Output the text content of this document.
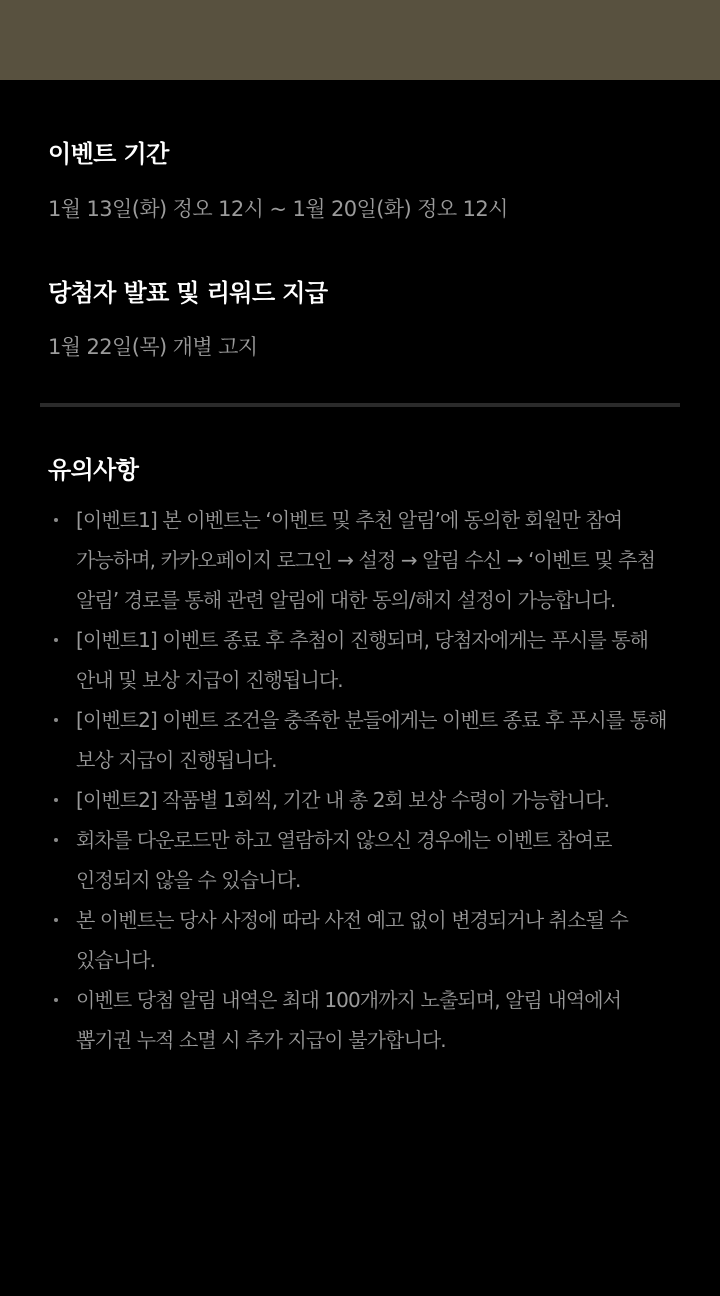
이벤트 기간

1월 13일(화) 정오 12시 ~ 1월 20일(화) 정오 12시

당첨자 발표 및 리워드 지급

1월 22일(목) 개별 고지

유의사항
[이벤트1] 본 이벤트는 ‘이벤트 및 추천 알림’에 동의한 회원만 참여 가능하며, 카카오페이지 로그인 → 설정 → 알림 수신 → ‘이벤트 및 추첨 알림’ 경로를 통해 관련 알림에 대한 동의/해지 설정이 가능합니다.
[이벤트1] 이벤트 종료 후 추첨이 진행되며, 당첨자에게는 푸시를 통해 안내 및 보상 지급이 진행됩니다.
[이벤트2] 이벤트 조건을 충족한 분들에게는 이벤트 종료 후 푸시를 통해 보상 지급이 진행됩니다.
[이벤트2] 작품별 1회씩, 기간 내 총 2회 보상 수령이 가능합니다.
회차를 다운로드만 하고 열람하지 않으신 경우에는 이벤트 참여로 인정되지 않을 수 있습니다.
본 이벤트는 당사 사정에 따라 사전 예고 없이 변경되거나 취소될 수 있습니다.
이벤트 당첨 알림 내역은 최대 100개까지 노출되며, 알림 내역에서 뽑기권 누적 소멸 시 추가 지급이 불가합니다.
